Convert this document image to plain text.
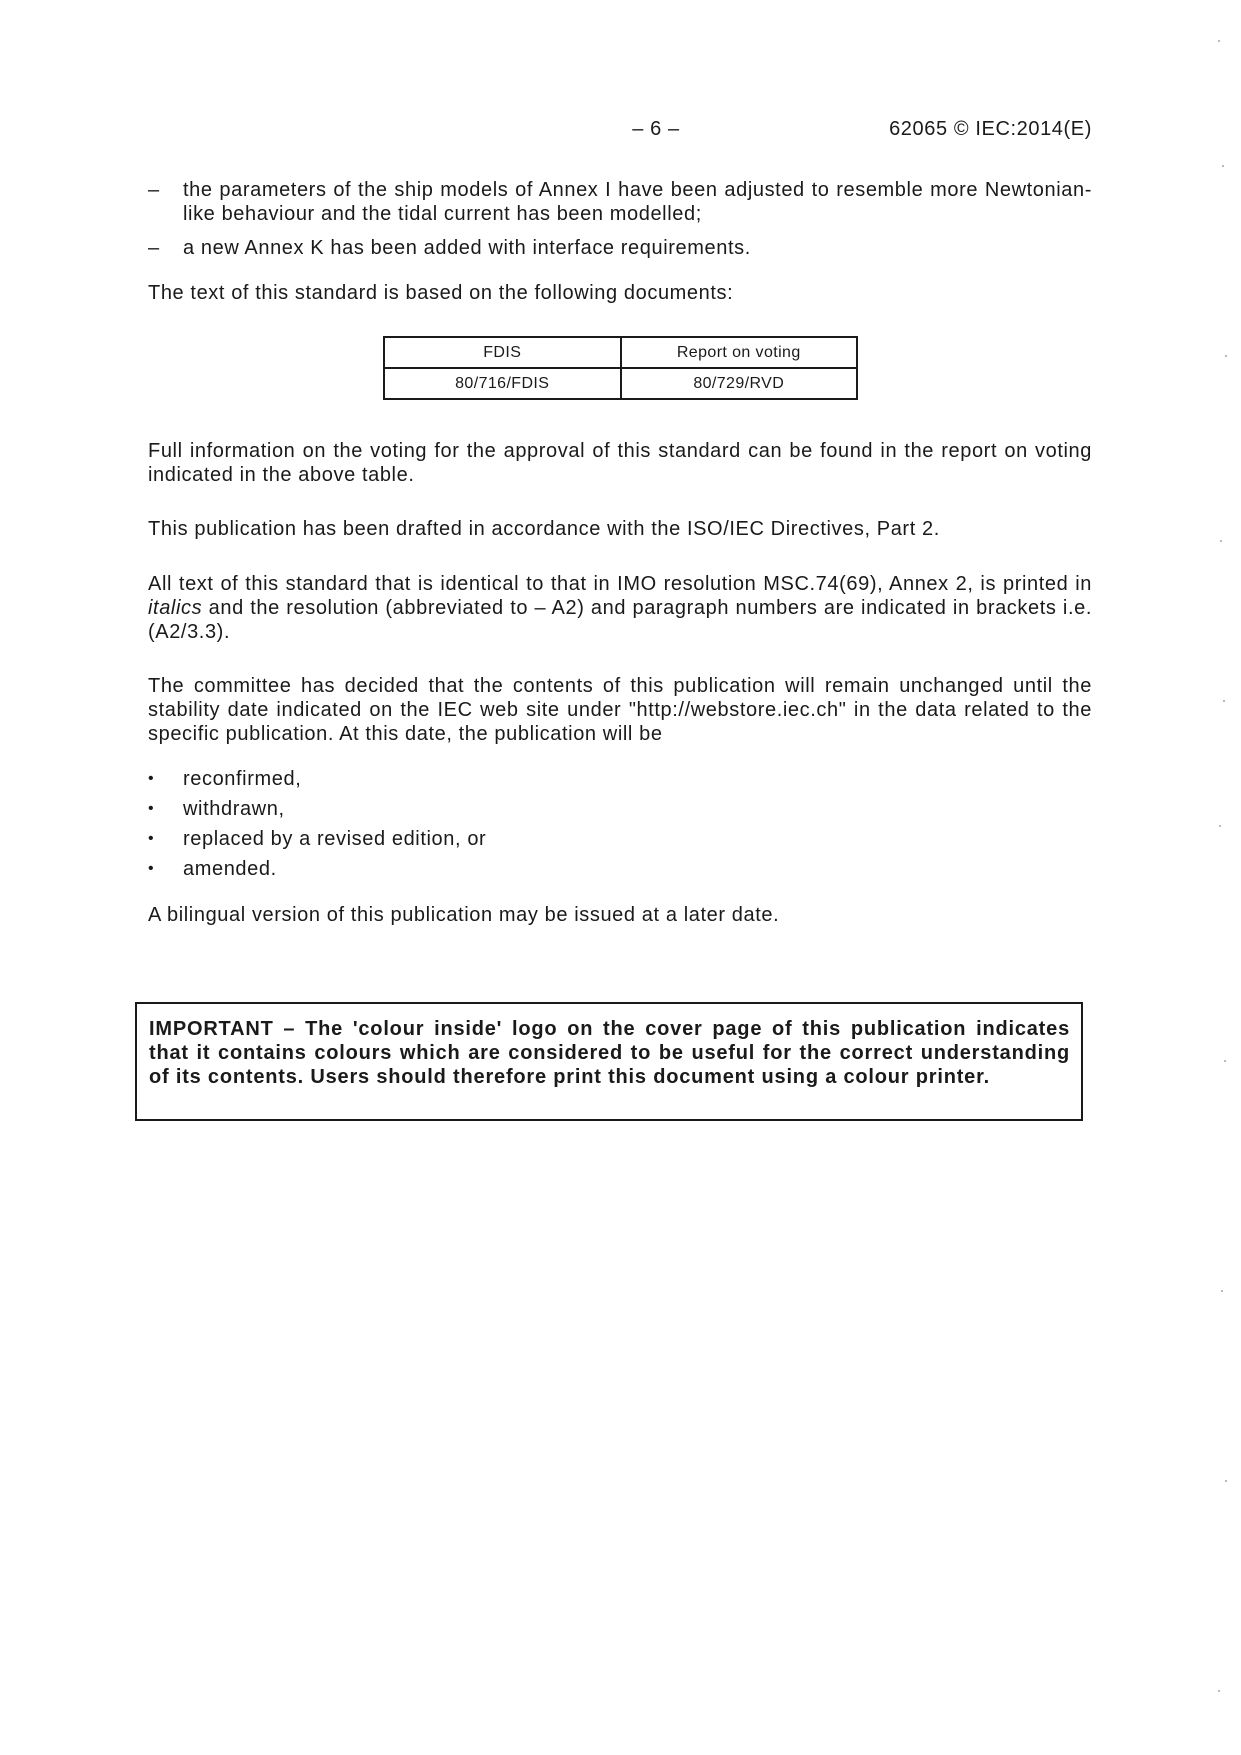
– 6 –	62065 © IEC:2014(E)
– the parameters of the ship models of Annex I have been adjusted to resemble more Newtonian-like behaviour and the tidal current has been modelled;
– a new Annex K has been added with interface requirements.

The text of this standard is based on the following documents:

FDIS	Report on voting
80/716/FDIS	80/729/RVD

Full information on the voting for the approval of this standard can be found in the report on voting indicated in the above table.

This publication has been drafted in accordance with the ISO/IEC Directives, Part 2.

All text of this standard that is identical to that in IMO resolution MSC.74(69), Annex 2, is printed in italics and the resolution (abbreviated to – A2) and paragraph numbers are indicated in brackets i.e. (A2/3.3).

The committee has decided that the contents of this publication will remain unchanged until the stability date indicated on the IEC web site under "http://webstore.iec.ch" in the data related to the specific publication. At this date, the publication will be

• reconfirmed,
• withdrawn,
• replaced by a revised edition, or
• amended.

A bilingual version of this publication may be issued at a later date.

IMPORTANT – The 'colour inside' logo on the cover page of this publication indicates that it contains colours which are considered to be useful for the correct understanding of its contents. Users should therefore print this document using a colour printer.
